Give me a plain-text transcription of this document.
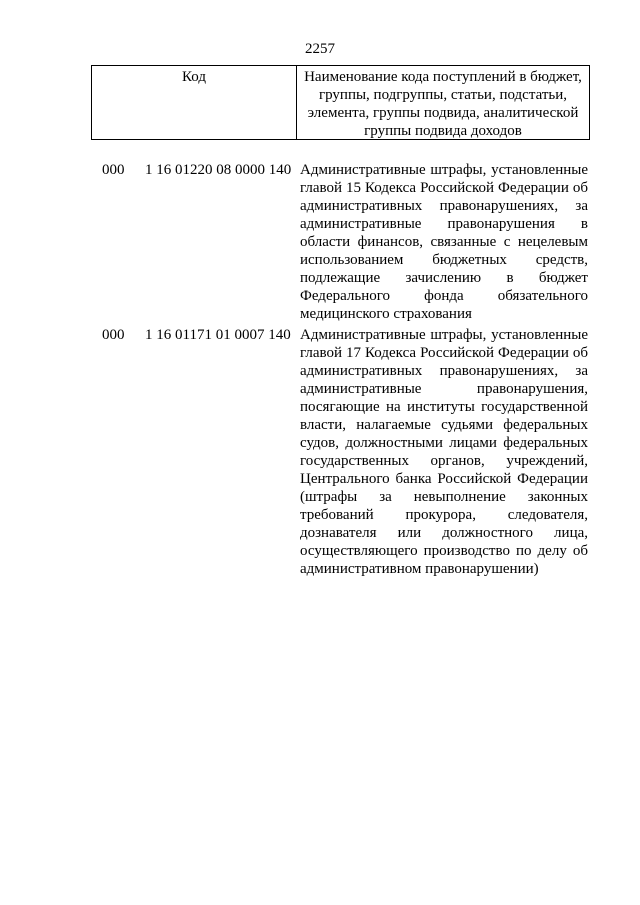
2257
Код	Наименование кода поступлений в бюджет, группы, подгруппы, статьи, подстатьи, элемента, группы подвида, аналитической группы подвида доходов
000 1 16 01220 08 0000 140 Административные штрафы, установленные главой 15 Кодекса Российской Федерации об административных правонарушениях, за административные правонарушения в области финансов, связанные с нецелевым использованием бюджетных средств, подлежащие зачислению в бюджет Федерального фонда обязательного медицинского страхования
000 1 16 01171 01 0007 140 Административные штрафы, установленные главой 17 Кодекса Российской Федерации об административных правонарушениях, за административные правонарушения, посягающие на институты государственной власти, налагаемые судьями федеральных судов, должностными лицами федеральных государственных органов, учреждений, Центрального банка Российской Федерации (штрафы за невыполнение законных требований прокурора, следователя, дознавателя или должностного лица, осуществляющего производство по делу об административном правонарушении)
